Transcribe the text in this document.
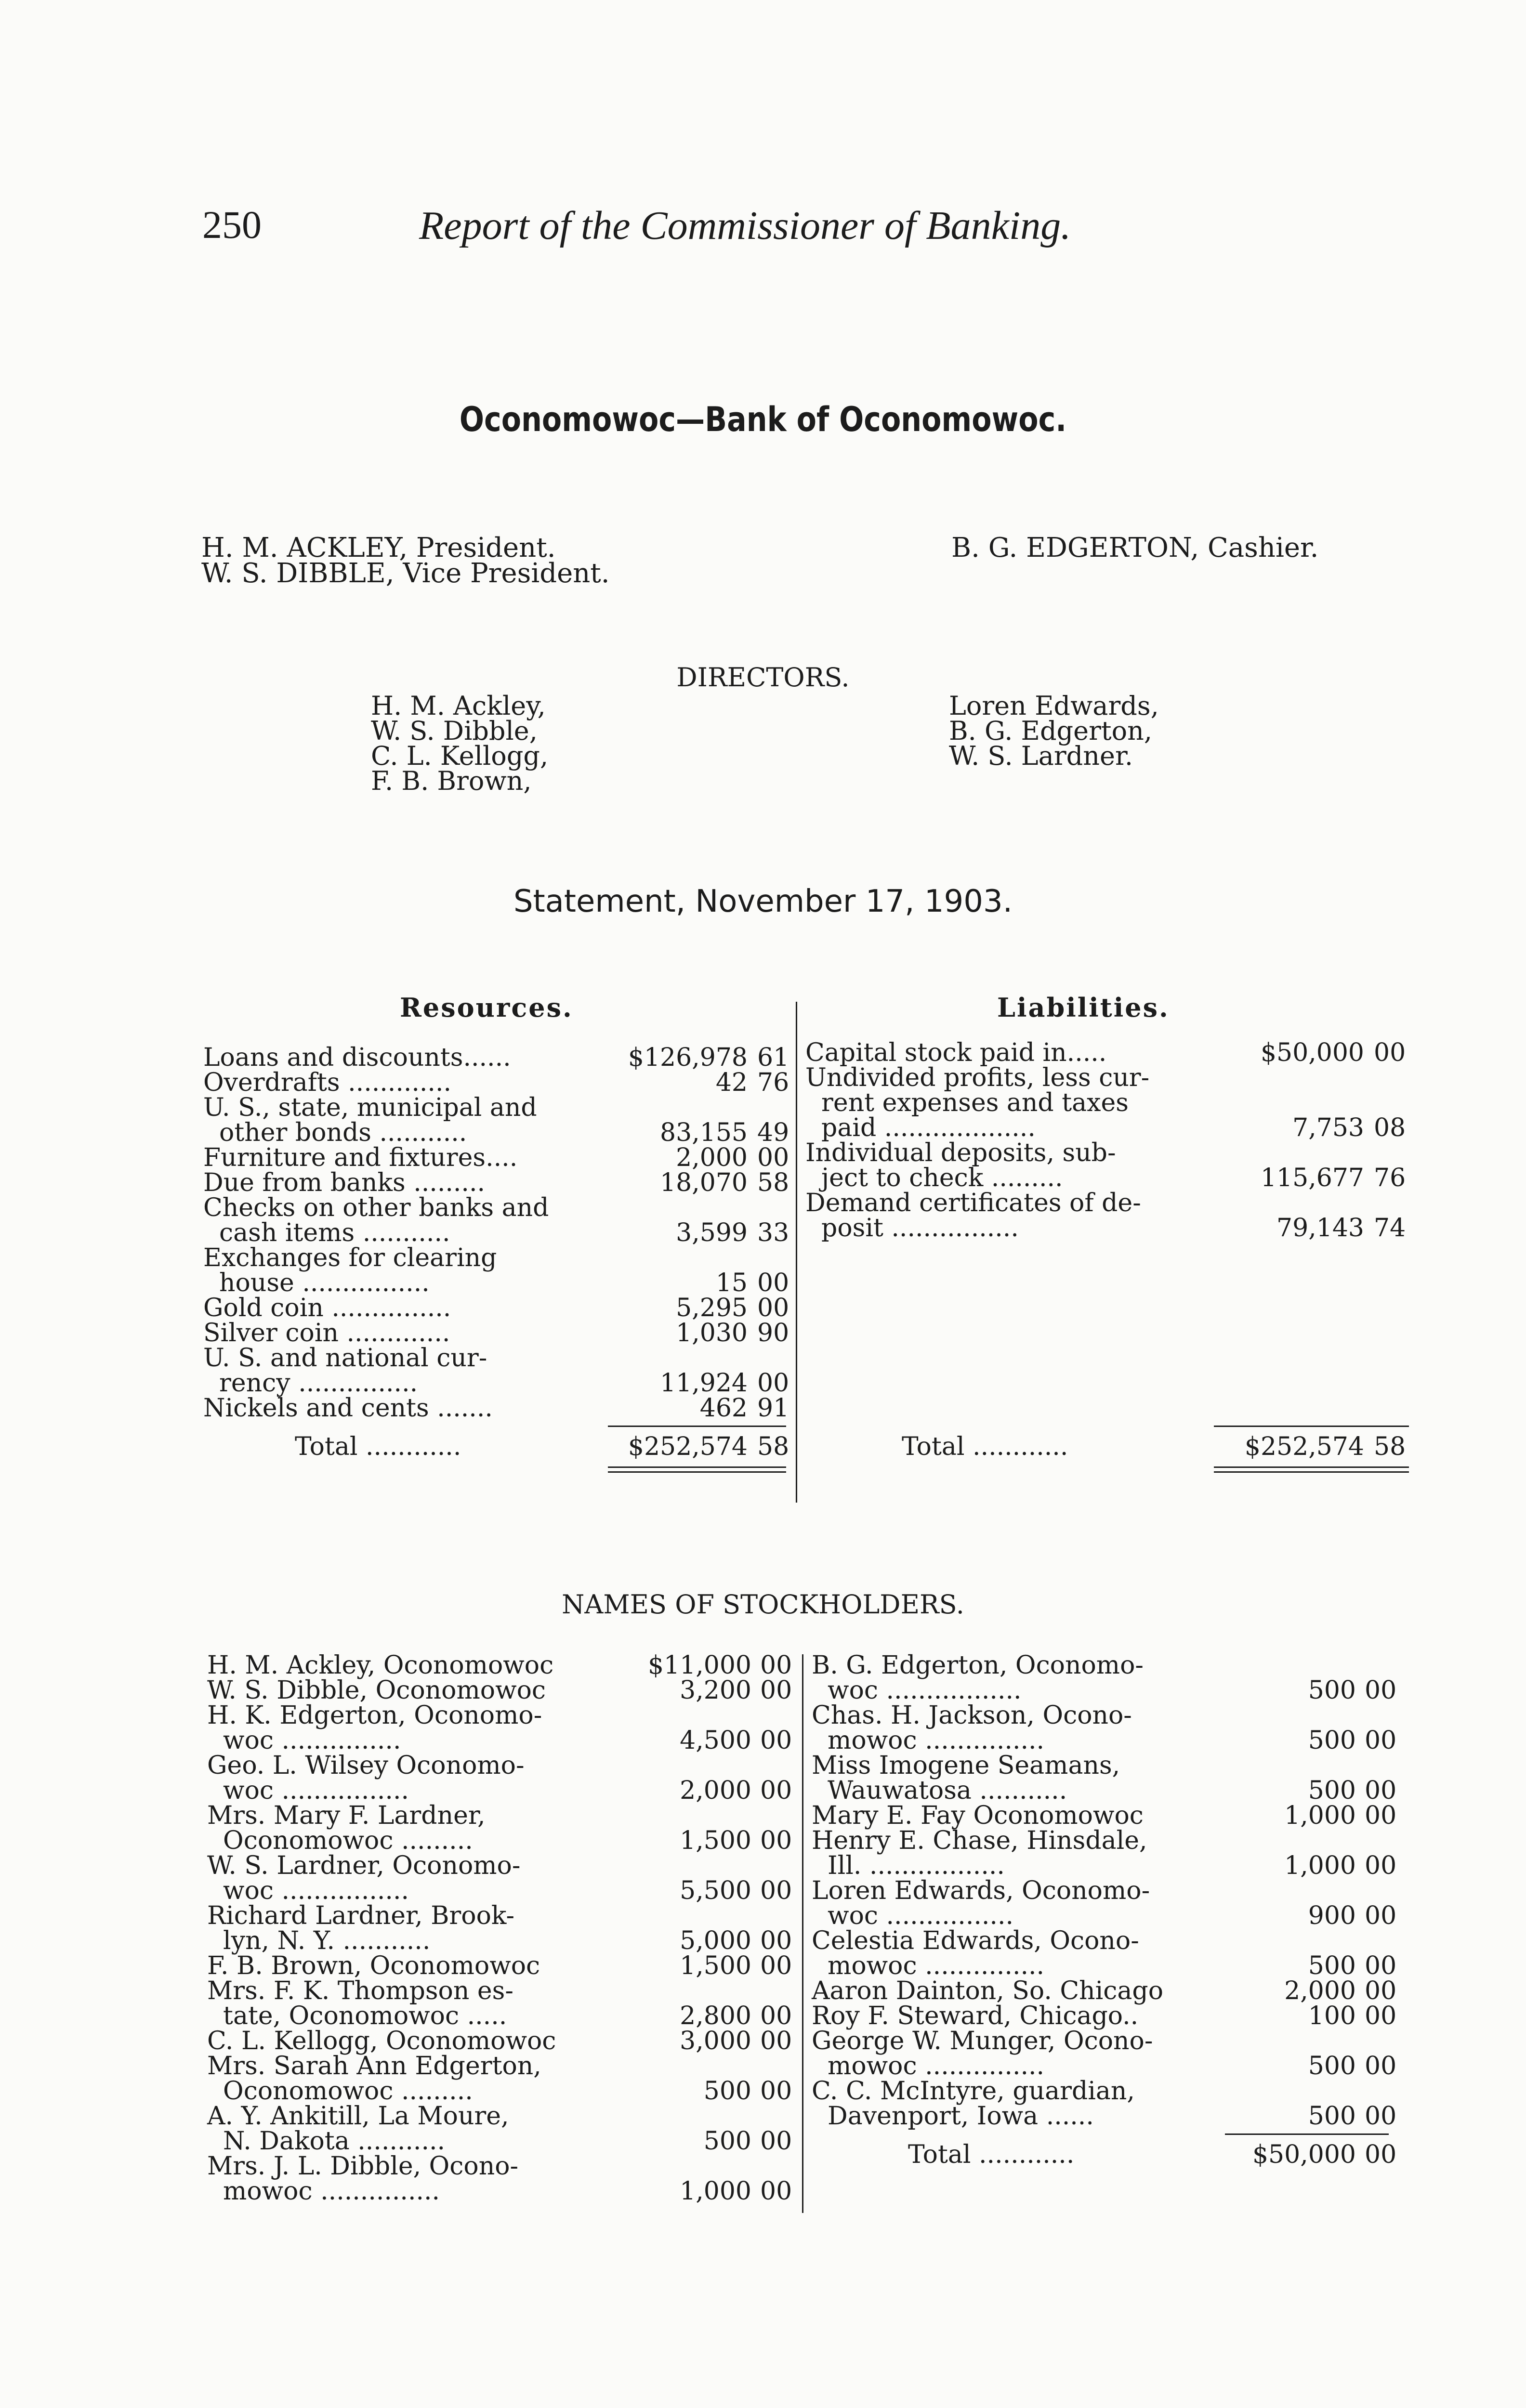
250	Report of the Commissioner of Banking.
Oconomowoc—Bank of Oconomowoc.
H. M. ACKLEY, President.
W. S. DIBBLE, Vice President.
B. G. EDGERTON, Cashier.
DIRECTORS.
H. M. Ackley,
W. S. Dibble,
C. L. Kellogg,
F. B. Brown,
Loren Edwards,
B. G. Edgerton,
W. S. Lardner.
Statement, November 17, 1903.
Resources.	Liabilities.
Loans and discounts......	$126,978 61
Overdrafts .............	42 76
U. S., state, municipal and
other bonds ...........	83,155 49
Furniture and fixtures....	2,000 00
Due from banks .........	18,070 58
Checks on other banks and
cash items ...........	3,599 33
Exchanges for clearing
house ................	15 00
Gold coin ...............	5,295 00
Silver coin .............	1,030 90
U. S. and national cur-
rency ...............	11,924 00
Nickels and cents .......	462 91
Total ............	$252,574 58
Capital stock paid in.....	$50,000 00
Undivided profits, less cur-
rent expenses and taxes
paid ...................	7,753 08
Individual deposits, sub-
ject to check .........	115,677 76
Demand certificates of de-
posit ................	79,143 74
Total ............	$252,574 58
NAMES OF STOCKHOLDERS.
H. M. Ackley, Oconomowoc	$11,000 00
W. S. Dibble, Oconomowoc	3,200 00
H. K. Edgerton, Oconomo-
woc ...............	4,500 00
Geo. L. Wilsey Oconomo-
woc ................	2,000 00
Mrs. Mary F. Lardner,
Oconomowoc .........	1,500 00
W. S. Lardner, Oconomo-
woc ................	5,500 00
Richard Lardner, Brook-
lyn, N. Y. ...........	5,000 00
F. B. Brown, Oconomowoc	1,500 00
Mrs. F. K. Thompson es-
tate, Oconomowoc .....	2,800 00
C. L. Kellogg, Oconomowoc	3,000 00
Mrs. Sarah Ann Edgerton,
Oconomowoc .........	500 00
A. Y. Ankitill, La Moure,
N. Dakota ...........	500 00
Mrs. J. L. Dibble, Ocono-
mowoc ...............	1,000 00
B. G. Edgerton, Oconomo-
woc .................	500 00
Chas. H. Jackson, Ocono-
mowoc ...............	500 00
Miss Imogene Seamans,
Wauwatosa ...........	500 00
Mary E. Fay Oconomowoc	1,000 00
Henry E. Chase, Hinsdale,
Ill. .................	1,000 00
Loren Edwards, Oconomo-
woc ................	900 00
Celestia Edwards, Ocono-
mowoc ...............	500 00
Aaron Dainton, So. Chicago	2,000 00
Roy F. Steward, Chicago..	100 00
George W. Munger, Ocono-
mowoc ...............	500 00
C. C. McIntyre, guardian,
Davenport, Iowa ......	500 00
Total ............	$50,000 00
